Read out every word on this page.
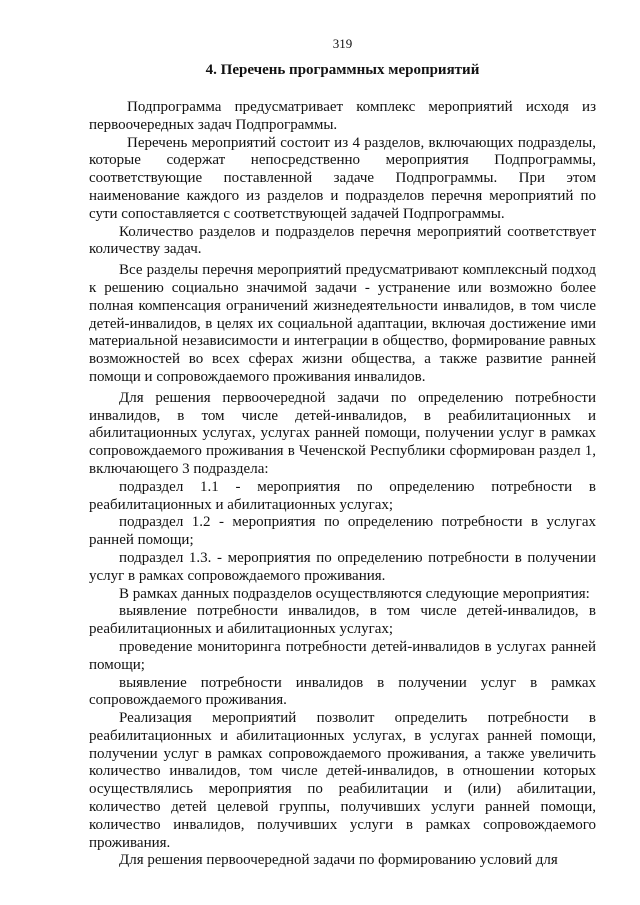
319
4. Перечень программных мероприятий

Подпрограмма предусматривает комплекс мероприятий исходя из первоочередных задач Подпрограммы.

Перечень мероприятий состоит из 4 разделов, включающих подразделы, которые содержат непосредственно мероприятия Подпрограммы, соответствующие поставленной задаче Подпрограммы. При этом наименование каждого из разделов и подразделов перечня мероприятий по сути сопоставляется с соответствующей задачей Подпрограммы.

Количество разделов и подразделов перечня мероприятий соответствует количеству задач.

Все разделы перечня мероприятий предусматривают комплексный подход к решению социально значимой задачи - устранение или возможно более полная компенсация ограничений жизнедеятельности инвалидов, в том числе детей-инвалидов, в целях их социальной адаптации, включая достижение ими материальной независимости и интеграции в общество, формирование равных возможностей во всех сферах жизни общества, а также развитие ранней помощи и сопровождаемого проживания инвалидов.

Для решения первоочередной задачи по определению потребности инвалидов, в том числе детей-инвалидов, в реабилитационных и абилитационных услугах, услугах ранней помощи, получении услуг в рамках сопровождаемого проживания в Чеченской Республики сформирован раздел 1, включающего 3 подраздела:

подраздел 1.1 - мероприятия по определению потребности в реабилитационных и абилитационных услугах;

подраздел 1.2 - мероприятия по определению потребности в услугах ранней помощи;

подраздел 1.3. - мероприятия по определению потребности в получении услуг в рамках сопровождаемого проживания.

В рамках данных подразделов осуществляются следующие мероприятия:

выявление потребности инвалидов, в том числе детей-инвалидов, в реабилитационных и абилитационных услугах;

проведение мониторинга потребности детей-инвалидов в услугах ранней помощи;

выявление потребности инвалидов в получении услуг в рамках сопровождаемого проживания.

Реализация мероприятий позволит определить потребности в реабилитационных и абилитационных услугах, в услугах ранней помощи, получении услуг в рамках сопровождаемого проживания, а также увеличить количество инвалидов, том числе детей-инвалидов, в отношении которых осуществлялись мероприятия по реабилитации и (или) абилитации, количество детей целевой группы, получивших услуги ранней помощи, количество инвалидов, получивших услуги в рамках сопровождаемого проживания.

Для решения первоочередной задачи по формированию условий для
